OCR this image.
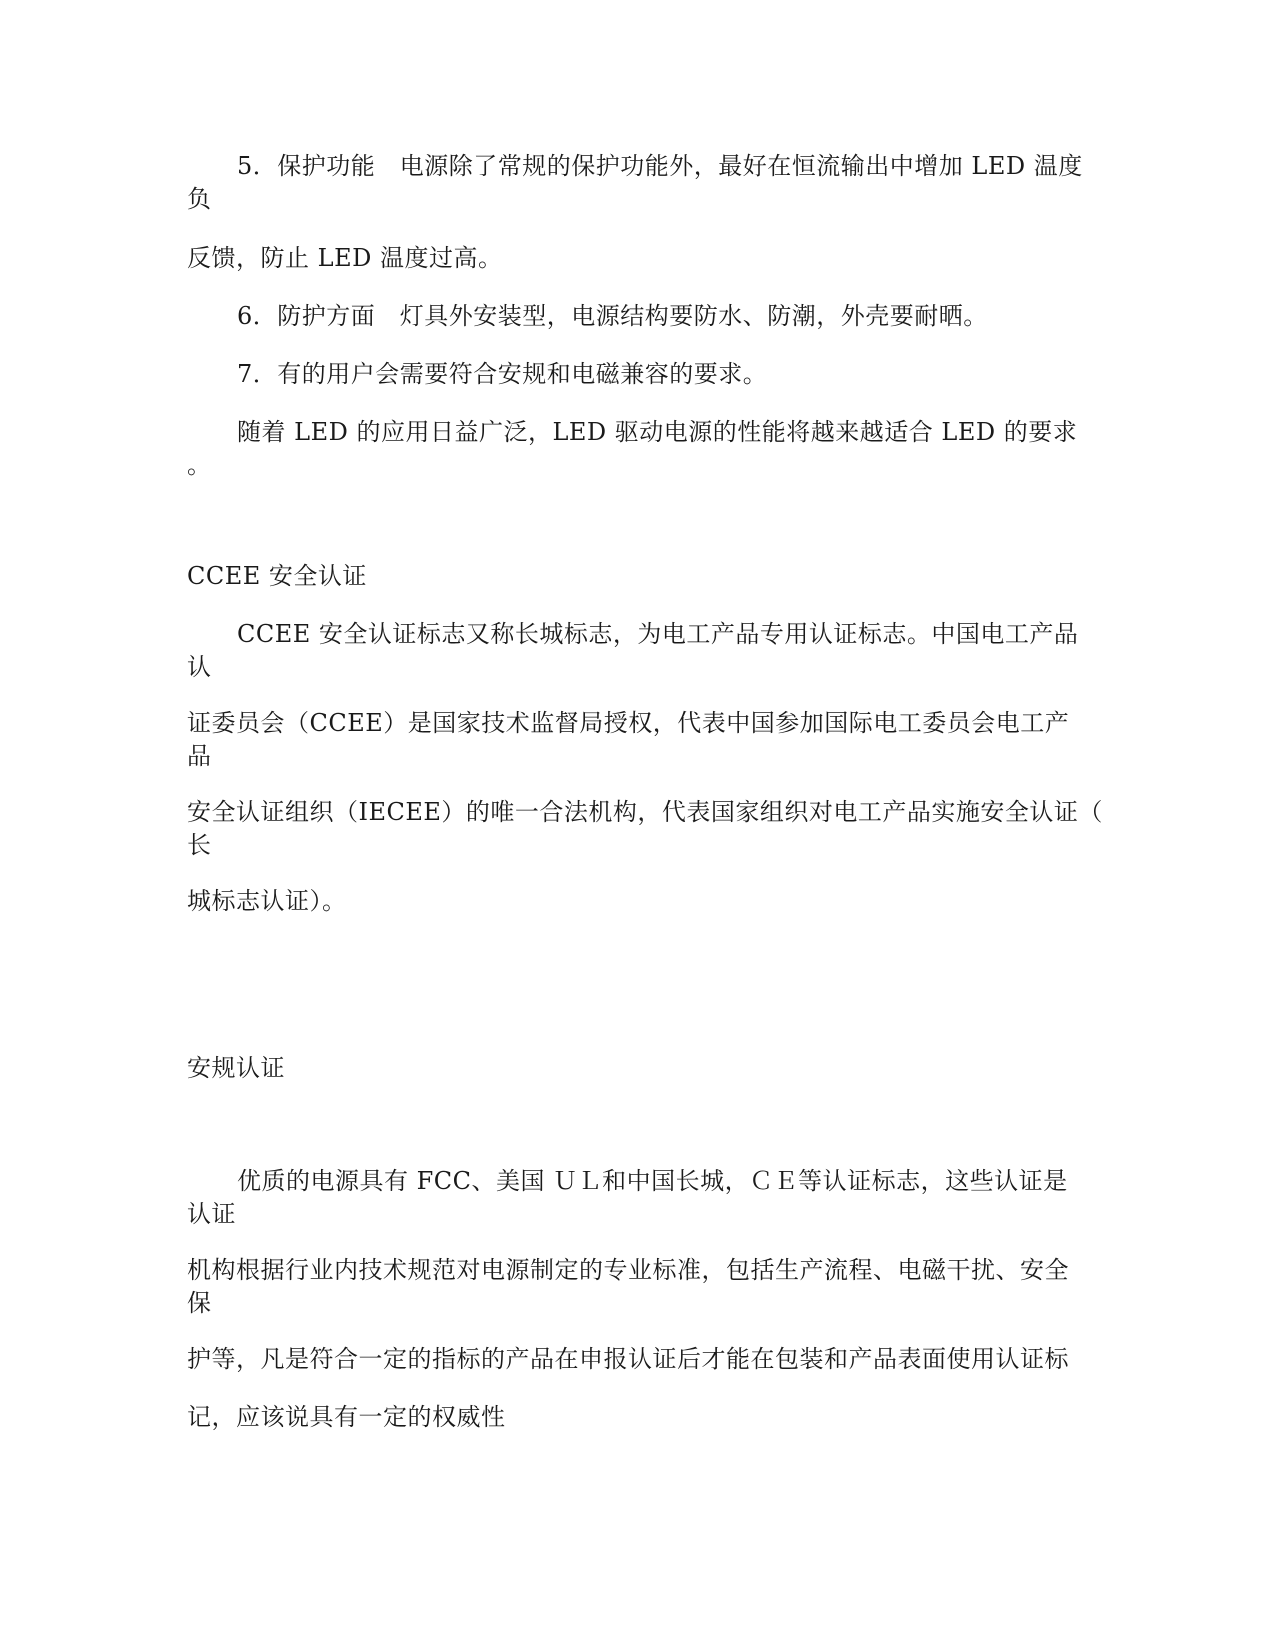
5．保护功能　电源除了常规的保护功能外，最好在恒流输出中增加 LED 温度
负
反馈，防止 LED 温度过高。
6．防护方面　灯具外安装型，电源结构要防水、防潮，外壳要耐晒。
7．有的用户会需要符合安规和电磁兼容的要求。
随着 LED 的应用日益广泛，LED 驱动电源的性能将越来越适合 LED 的要求
。
CCEE 安全认证
CCEE 安全认证标志又称长城标志，为电工产品专用认证标志。中国电工产品
认
证委员会（CCEE）是国家技术监督局授权，代表中国参加国际电工委员会电工产
品
安全认证组织（IECEE）的唯一合法机构，代表国家组织对电工产品实施安全认证（
长
城标志认证）。
安规认证
优质的电源具有 FCC、美国 ＵＬ和中国长城，ＣＥ等认证标志，这些认证是
认证
机构根据行业内技术规范对电源制定的专业标准，包括生产流程、电磁干扰、安全
保
护等，凡是符合一定的指标的产品在申报认证后才能在包装和产品表面使用认证标
记，应该说具有一定的权威性
